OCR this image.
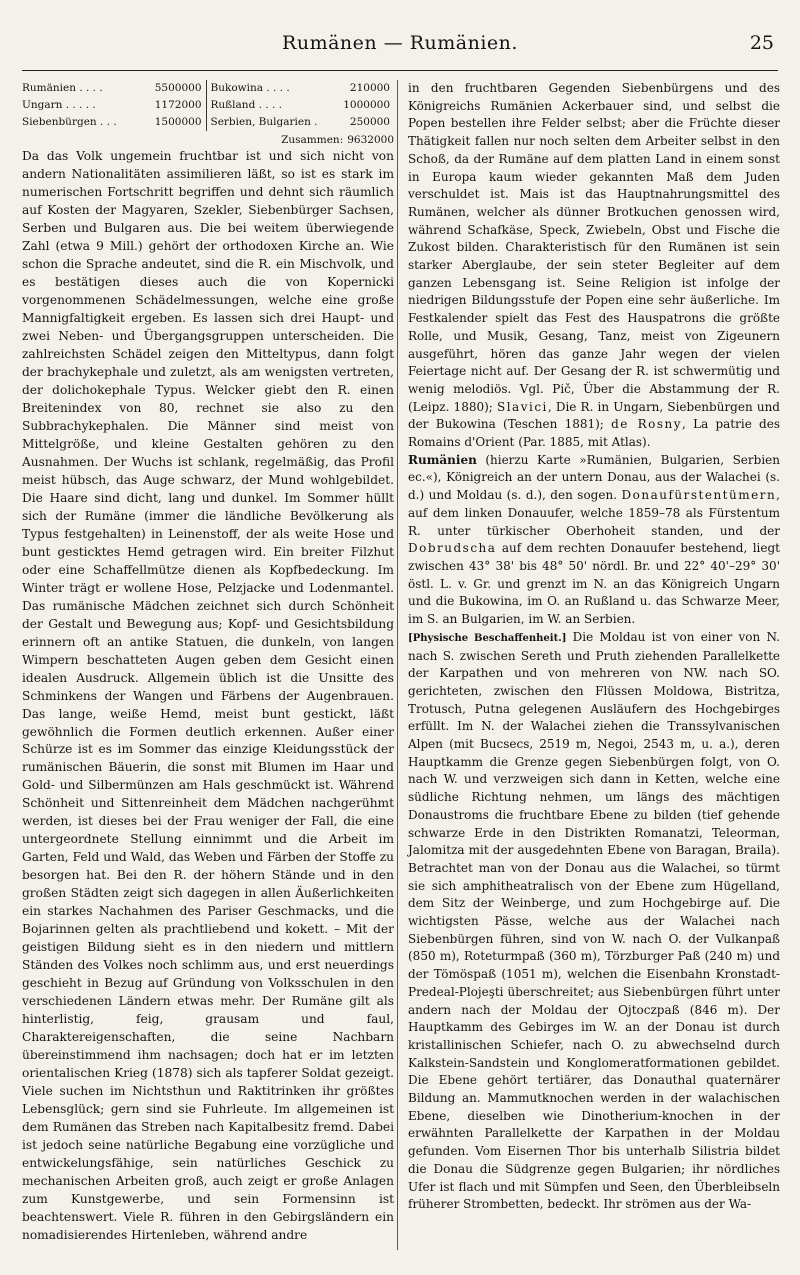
Rumänen — Rumänien.	25
Rumänien . . . .	5500000
Ungarn . . . . .	1172000
Siebenbürgen . . .	1500000
Bukowina . . . .	210000
Rußland . . . .	1000000
Serbien, Bulgarien .	250000
Zusammen: 9632000

Da das Volk ungemein fruchtbar ist und sich nicht von andern Nationalitäten assimilieren läßt, so ist es stark im numerischen Fortschritt begriffen und dehnt sich räumlich auf Kosten der Magyaren, Szekler, Siebenbürger Sachsen, Serben und Bulgaren aus. Die bei weitem überwiegende Zahl (etwa 9 Mill.) gehört der orthodoxen Kirche an. Wie schon die Sprache andeutet, sind die R. ein Mischvolk, und es bestätigen dieses auch die von Kopernicki vorgenommenen Schädelmessungen, welche eine große Mannigfaltigkeit ergeben. Es lassen sich drei Haupt- und zwei Neben- und Übergangsgruppen unterscheiden. Die zahlreichsten Schädel zeigen den Mitteltypus, dann folgt der brachykephale und zuletzt, als am wenigsten vertreten, der dolichokephale Typus. Welcker giebt den R. einen Breitenindex von 80, rechnet sie also zu den Subbrachykephalen. Die Männer sind meist von Mittelgröße, und kleine Gestalten gehören zu den Ausnahmen. Der Wuchs ist schlank, regelmäßig, das Profil meist hübsch, das Auge schwarz, der Mund wohlgebildet. Die Haare sind dicht, lang und dunkel. Im Sommer hüllt sich der Rumäne (immer die ländliche Bevölkerung als Typus festgehalten) in Leinenstoff, der als weite Hose und bunt gesticktes Hemd getragen wird. Ein breiter Filzhut oder eine Schaffellmütze dienen als Kopfbedeckung. Im Winter trägt er wollene Hose, Pelzjacke und Lodenmantel. Das rumänische Mädchen zeichnet sich durch Schönheit der Gestalt und Bewegung aus; Kopf- und Gesichtsbildung erinnern oft an antike Statuen, die dunkeln, von langen Wimpern beschatteten Augen geben dem Gesicht einen idealen Ausdruck. Allgemein üblich ist die Unsitte des Schminkens der Wangen und Färbens der Augenbrauen. Das lange, weiße Hemd, meist bunt gestickt, läßt gewöhnlich die Formen deutlich erkennen. Außer einer Schürze ist es im Sommer das einzige Kleidungsstück der rumänischen Bäuerin, die sonst mit Blumen im Haar und Gold- und Silbermünzen am Hals geschmückt ist. Während Schönheit und Sittenreinheit dem Mädchen nachgerühmt werden, ist dieses bei der Frau weniger der Fall, die eine untergeordnete Stellung einnimmt und die Arbeit im Garten, Feld und Wald, das Weben und Färben der Stoffe zu besorgen hat. Bei den R. der höhern Stände und in den großen Städten zeigt sich dagegen in allen Äußerlichkeiten ein starkes Nachahmen des Pariser Geschmacks, und die Bojarinnen gelten als prachtliebend und kokett. – Mit der geistigen Bildung sieht es in den niedern und mittlern Ständen des Volkes noch schlimm aus, und erst neuerdings geschieht in Bezug auf Gründung von Volksschulen in den verschiedenen Ländern etwas mehr. Der Rumäne gilt als hinterlistig, feig, grausam und faul, Charaktereigenschaften, die seine Nachbarn übereinstimmend ihm nachsagen; doch hat er im letzten orientalischen Krieg (1878) sich als tapferer Soldat gezeigt. Viele suchen im Nichtsthun und Raktitrinken ihr größtes Lebensglück; gern sind sie Fuhrleute. Im allgemeinen ist dem Rumänen das Streben nach Kapitalbesitz fremd. Dabei ist jedoch seine natürliche Begabung eine vorzügliche und entwickelungsfähige, sein natürliches Geschick zu mechanischen Arbeiten groß, auch zeigt er große Anlagen zum Kunstgewerbe, und sein Formensinn ist beachtenswert. Viele R. führen in den Gebirgsländern ein nomadisierendes Hirtenleben, während andre

in den fruchtbaren Gegenden Siebenbürgens und des Königreichs Rumänien Ackerbauer sind, und selbst die Popen bestellen ihre Felder selbst; aber die Früchte dieser Thätigkeit fallen nur noch selten dem Arbeiter selbst in den Schoß, da der Rumäne auf dem platten Land in einem sonst in Europa kaum wieder gekannten Maß dem Juden verschuldet ist. Mais ist das Hauptnahrungsmittel des Rumänen, welcher als dünner Brotkuchen genossen wird, während Schafkäse, Speck, Zwiebeln, Obst und Fische die Zukost bilden. Charakteristisch für den Rumänen ist sein starker Aberglaube, der sein steter Begleiter auf dem ganzen Lebensgang ist. Seine Religion ist infolge der niedrigen Bildungsstufe der Popen eine sehr äußerliche. Im Festkalender spielt das Fest des Hauspatrons die größte Rolle, und Musik, Gesang, Tanz, meist von Zigeunern ausgeführt, hören das ganze Jahr wegen der vielen Feiertage nicht auf. Der Gesang der R. ist schwermütig und wenig melodiös. Vgl. Pič, Über die Abstammung der R. (Leipz. 1880); Slavici, Die R. in Ungarn, Siebenbürgen und der Bukowina (Teschen 1881); de Rosny, La patrie des Romains d'Orient (Par. 1885, mit Atlas).

Rumänien (hierzu Karte »Rumänien, Bulgarien, Serbien ec.«), Königreich an der untern Donau, aus der Walachei (s. d.) und Moldau (s. d.), den sogen. Donaufürstentümern, auf dem linken Donauufer, welche 1859–78 als Fürstentum R. unter türkischer Oberhoheit standen, und der Dobrudscha auf dem rechten Donauufer bestehend, liegt zwischen 43° 38' bis 48° 50' nördl. Br. und 22° 40'–29° 30' östl. L. v. Gr. und grenzt im N. an das Königreich Ungarn und die Bukowina, im O. an Rußland u. das Schwarze Meer, im S. an Bulgarien, im W. an Serbien.

[Physische Beschaffenheit.] Die Moldau ist von einer von N. nach S. zwischen Sereth und Pruth ziehenden Parallelkette der Karpathen und von mehreren von NW. nach SO. gerichteten, zwischen den Flüssen Moldowa, Bistritza, Trotusch, Putna gelegenen Ausläufern des Hochgebirges erfüllt. Im N. der Walachei ziehen die Transsylvanischen Alpen (mit Bucsecs, 2519 m, Negoi, 2543 m, u. a.), deren Hauptkamm die Grenze gegen Siebenbürgen folgt, von O. nach W. und verzweigen sich dann in Ketten, welche eine südliche Richtung nehmen, um längs des mächtigen Donaustroms die fruchtbare Ebene zu bilden (tief gehende schwarze Erde in den Distrikten Romanatzi, Teleorman, Jalomitza mit der ausgedehnten Ebene von Baragan, Braila). Betrachtet man von der Donau aus die Walachei, so türmt sie sich amphitheatralisch von der Ebene zum Hügelland, dem Sitz der Weinberge, und zum Hochgebirge auf. Die wichtigsten Pässe, welche aus der Walachei nach Siebenbürgen führen, sind von W. nach O. der Vulkanpaß (850 m), Roteturmpaß (360 m), Törzburger Paß (240 m) und der Tömöspaß (1051 m), welchen die Eisenbahn Kronstadt-Predeal-Plojeşti überschreitet; aus Siebenbürgen führt unter andern nach der Moldau der Ojtoczpaß (846 m). Der Hauptkamm des Gebirges im W. an der Donau ist durch kristallinischen Schiefer, nach O. zu abwechselnd durch Kalkstein-Sandstein und Konglomeratformationen gebildet. Die Ebene gehört tertiärer, das Donauthal quaternärer Bildung an. Mammutknochen werden in der walachischen Ebene, dieselben wie Dinotherium-knochen in der erwähnten Parallelkette der Karpathen in der Moldau gefunden. Vom Eisernen Thor bis unterhalb Silistria bildet die Donau die Südgrenze gegen Bulgarien; ihr nördliches Ufer ist flach und mit Sümpfen und Seen, den Überbleibseln früherer Strombetten, bedeckt. Ihr strömen aus der Wa-
